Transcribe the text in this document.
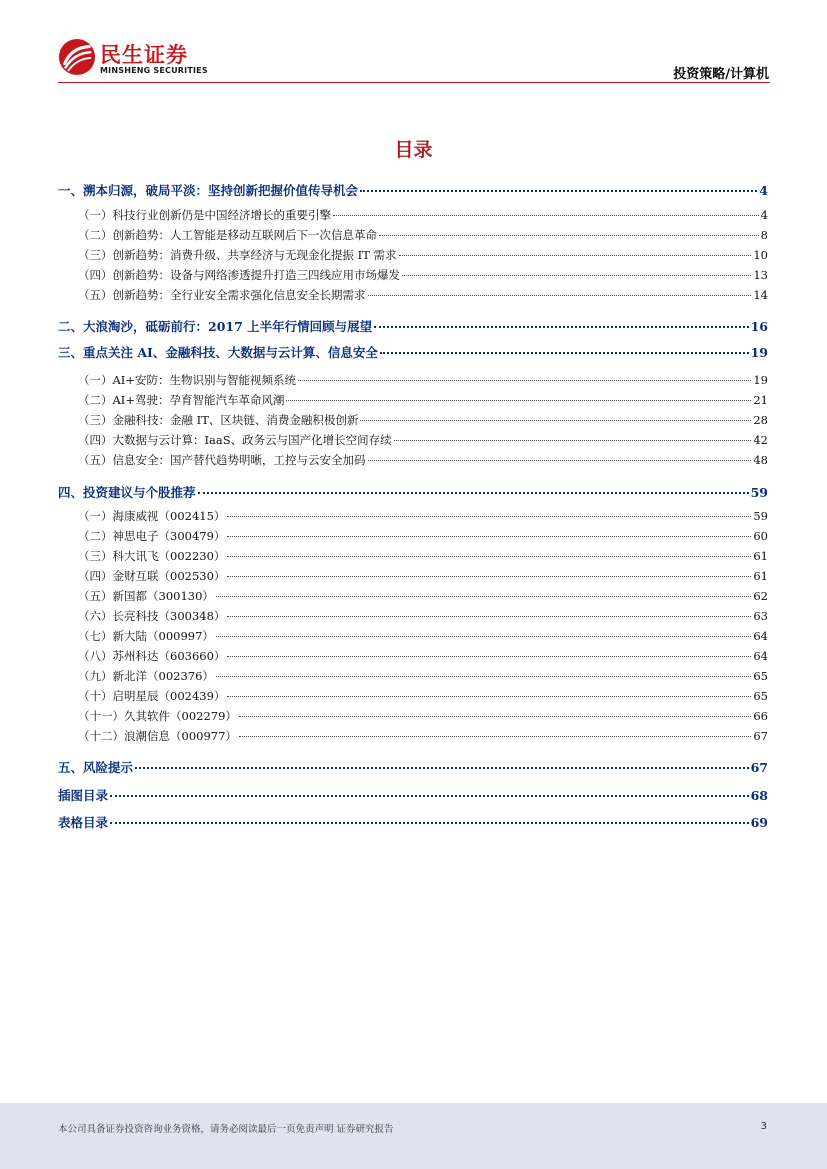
民生证券
MINSHENG SECURITIES	投资策略/计算机
目录
一、溯本归源，破局平淡：坚持创新把握价值传导机会	4
（一）科技行业创新仍是中国经济增长的重要引擎	4
（二）创新趋势：人工智能是移动互联网后下一次信息革命	8
（三）创新趋势：消费升级、共享经济与无现金化提振 IT 需求	10
（四）创新趋势：设备与网络渗透提升打造三四线应用市场爆发	13
（五）创新趋势：全行业安全需求强化信息安全长期需求	14
二、大浪淘沙，砥砺前行：2017 上半年行情回顾与展望	16
三、重点关注 AI、金融科技、大数据与云计算、信息安全	19
（一）AI+安防：生物识别与智能视频系统	19
（二）AI+驾驶：孕育智能汽车革命风潮	21
（三）金融科技：金融 IT、区块链、消费金融积极创新	28
（四）大数据与云计算：IaaS、政务云与国产化增长空间存续	42
（五）信息安全：国产替代趋势明晰，工控与云安全加码	48
四、投资建议与个股推荐	59
（一）海康威视（002415）	59
（二）神思电子（300479）	60
（三）科大讯飞（002230）	61
（四）金财互联（002530）	61
（五）新国都（300130）	62
（六）长亮科技（300348）	63
（七）新大陆（000997）	64
（八）苏州科达（603660）	64
（九）新北洋（002376）	65
（十）启明星辰（002439）	65
（十一）久其软件（002279）	66
（十二）浪潮信息（000977）	67
五、风险提示	67
插图目录	68
表格目录	69
本公司具备证券投资咨询业务资格，请务必阅读最后一页免责声明 证券研究报告	3
